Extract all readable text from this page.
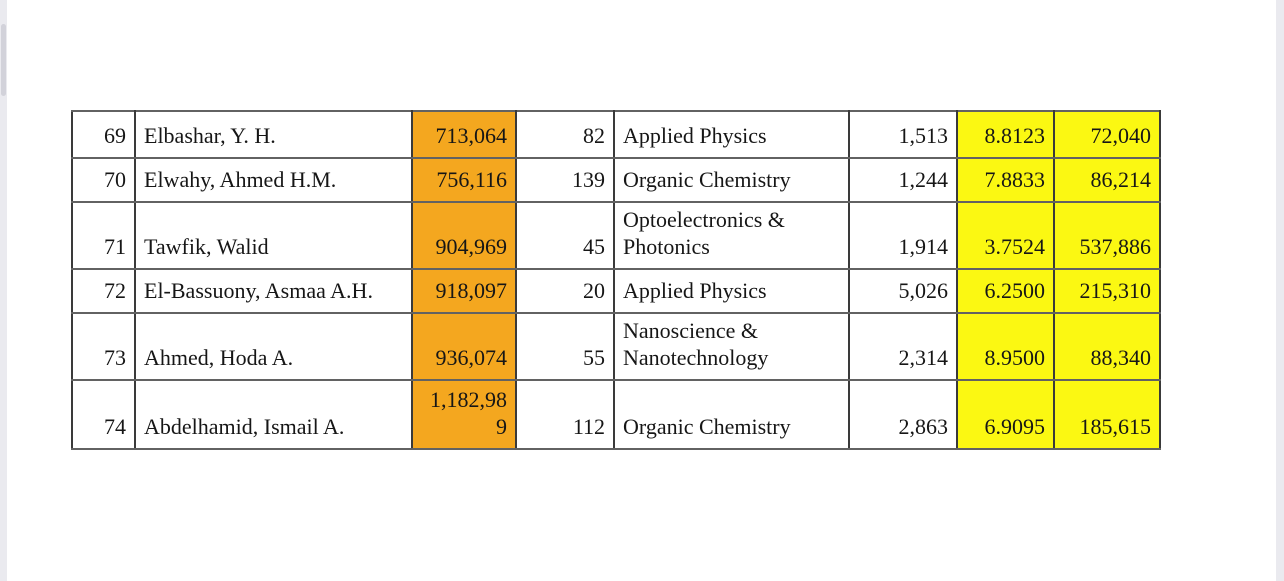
69	Elbashar, Y. H.	713,064	82	Applied Physics	1,513	8.8123	72,040
70	Elwahy, Ahmed H.M.	756,116	139	Organic Chemistry	1,244	7.8833	86,214
71	Tawfik, Walid	904,969	45	Optoelectronics & Photonics	1,914	3.7524	537,886
72	El-Bassuony, Asmaa A.H.	918,097	20	Applied Physics	5,026	6.2500	215,310
73	Ahmed, Hoda A.	936,074	55	Nanoscience & Nanotechnology	2,314	8.9500	88,340
74	Abdelhamid, Ismail A.	1,182,989	112	Organic Chemistry	2,863	6.9095	185,615
